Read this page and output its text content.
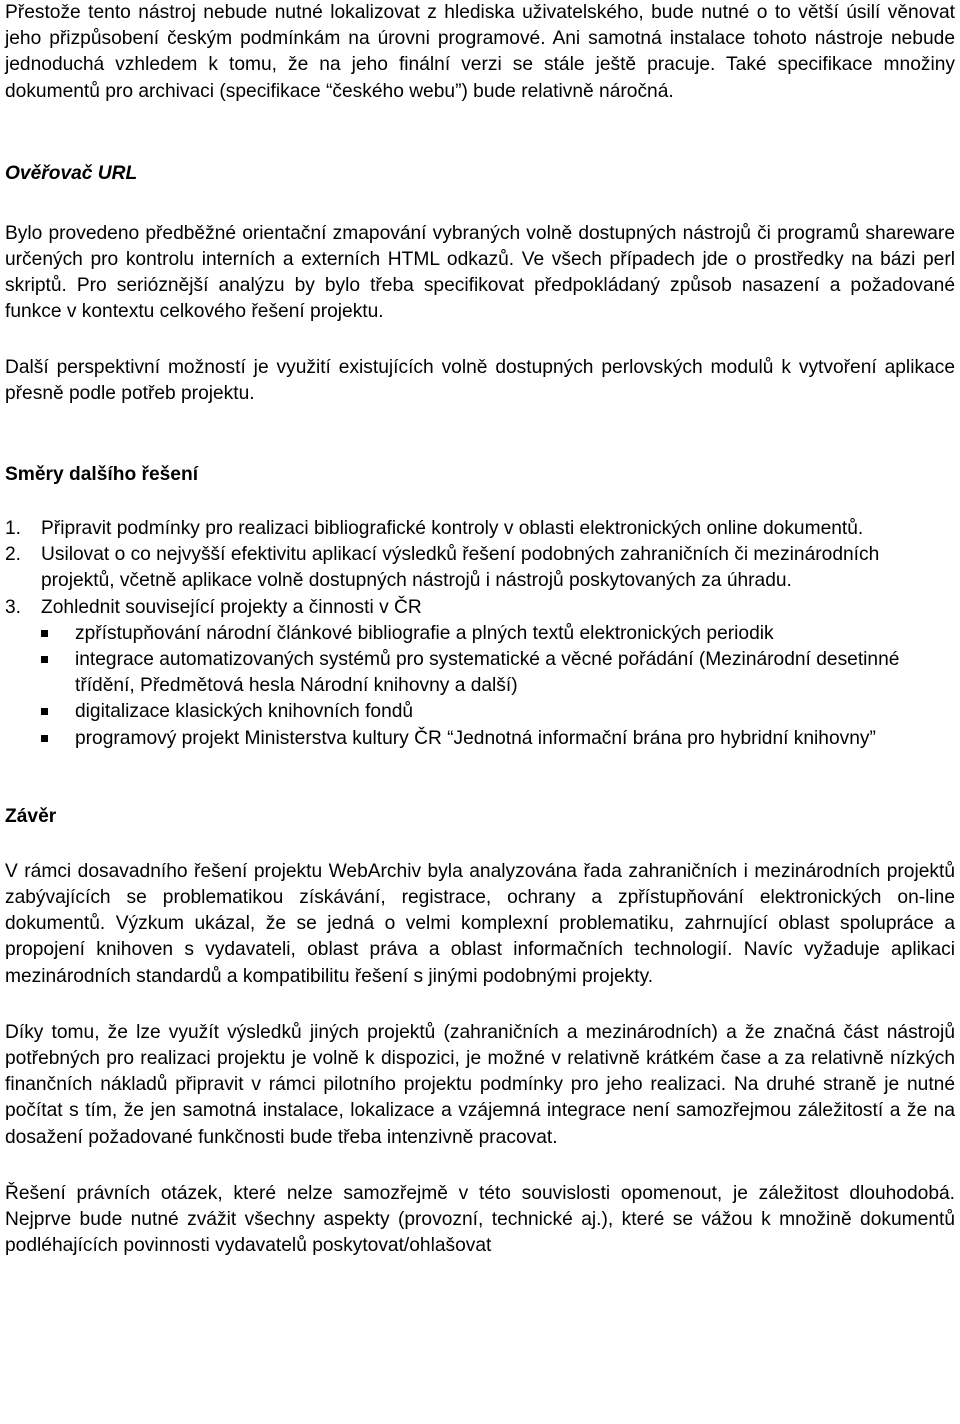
Přestože tento nástroj nebude nutné lokalizovat z hlediska uživatelského, bude nutné o to větší úsilí věnovat jeho přizpůsobení českým podmínkám na úrovni programové. Ani samotná instalace tohoto nástroje nebude jednoduchá vzhledem k tomu, že na jeho finální verzi se stále ještě pracuje. Také specifikace množiny dokumentů pro archivaci (specifikace “českého webu”) bude relativně náročná.

Ověřovač URL

Bylo provedeno předběžné orientační zmapování vybraných volně dostupných nástrojů či programů shareware určených pro kontrolu interních a externích HTML odkazů. Ve všech případech jde o prostředky na bázi perl skriptů. Pro serióznější analýzu by bylo třeba specifikovat předpokládaný způsob nasazení a požadované funkce v kontextu celkového řešení projektu.

Další perspektivní možností je využití existujících volně dostupných perlovských modulů k vytvoření aplikace přesně podle potřeb projektu.

Směry dalšího řešení
1. Připravit podmínky pro realizaci bibliografické kontroly v oblasti elektronických online dokumentů.
2. Usilovat o co nejvyšší efektivitu aplikací výsledků řešení podobných zahraničních či mezinárodních projektů, včetně aplikace volně dostupných nástrojů i nástrojů poskytovaných za úhradu.
3. Zohlednit související projekty a činnosti v ČR
zpřístupňování národní článkové bibliografie a plných textů elektronických periodik
integrace automatizovaných systémů pro systematické a věcné pořádání (Mezinárodní desetinné třídění, Předmětová hesla Národní knihovny a další)
digitalizace klasických knihovních fondů
programový projekt Ministerstva kultury ČR “Jednotná informační brána pro hybridní knihovny”
Závěr

V rámci dosavadního řešení projektu WebArchiv byla analyzována řada zahraničních i mezinárodních projektů zabývajících se problematikou získávání, registrace, ochrany a zpřístupňování elektronických on-line dokumentů. Výzkum ukázal, že se jedná o velmi komplexní problematiku, zahrnující oblast spolupráce a propojení knihoven s vydavateli, oblast práva a oblast informačních technologií. Navíc vyžaduje aplikaci mezinárodních standardů a kompatibilitu řešení s jinými podobnými projekty.

Díky tomu, že lze využít výsledků jiných projektů (zahraničních a mezinárodních) a že značná část nástrojů potřebných pro realizaci projektu je volně k dispozici, je možné v relativně krátkém čase a za relativně nízkých finančních nákladů připravit v rámci pilotního projektu podmínky pro jeho realizaci. Na druhé straně je nutné počítat s tím, že jen samotná instalace, lokalizace a vzájemná integrace není samozřejmou záležitostí a že na dosažení požadované funkčnosti bude třeba intenzivně pracovat.

Řešení právních otázek, které nelze samozřejmě v této souvislosti opomenout, je záležitost dlouhodobá. Nejprve bude nutné zvážit všechny aspekty (provozní, technické aj.), které se vážou k množině dokumentů podléhajících povinnosti vydavatelů poskytovat/ohlašovat
